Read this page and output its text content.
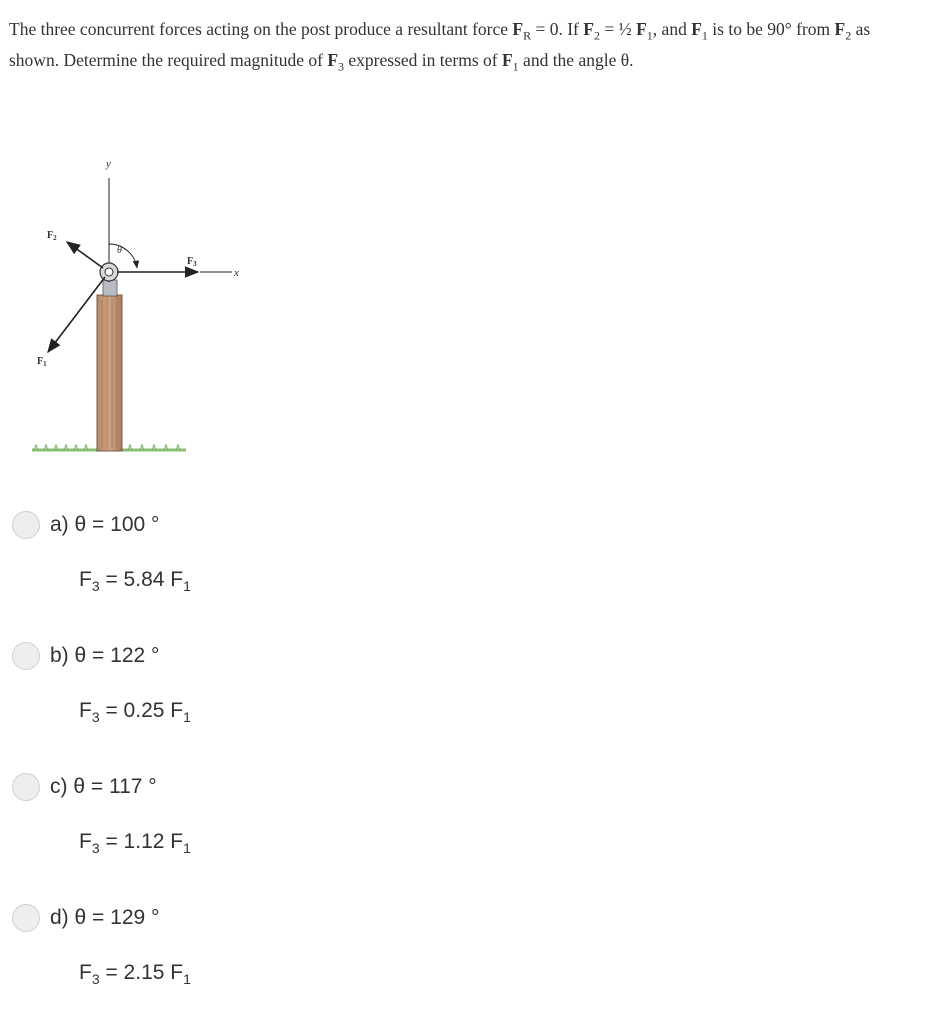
The three concurrent forces acting on the post produce a resultant force $F_R = 0$. If $F_2$ = ½ $F_1$, and $F_1$ is to be 90° from $F_2$ as shown. Determine the required magnitude of $F_3$ expressed in terms of $F_1$ and the angle θ.

y
x
$F_3$
$F_2$
$F_1$
θ
a) θ = 100 °
$F_3 = 5.84$ $F_1$
b) θ = 122 °
$F_3 = 0.25$ $F_1$
c) θ = 117 °
$F_3 = 1.12$ $F_1$
d) θ = 129 °
$F_3 = 2.15$ $F_1$
